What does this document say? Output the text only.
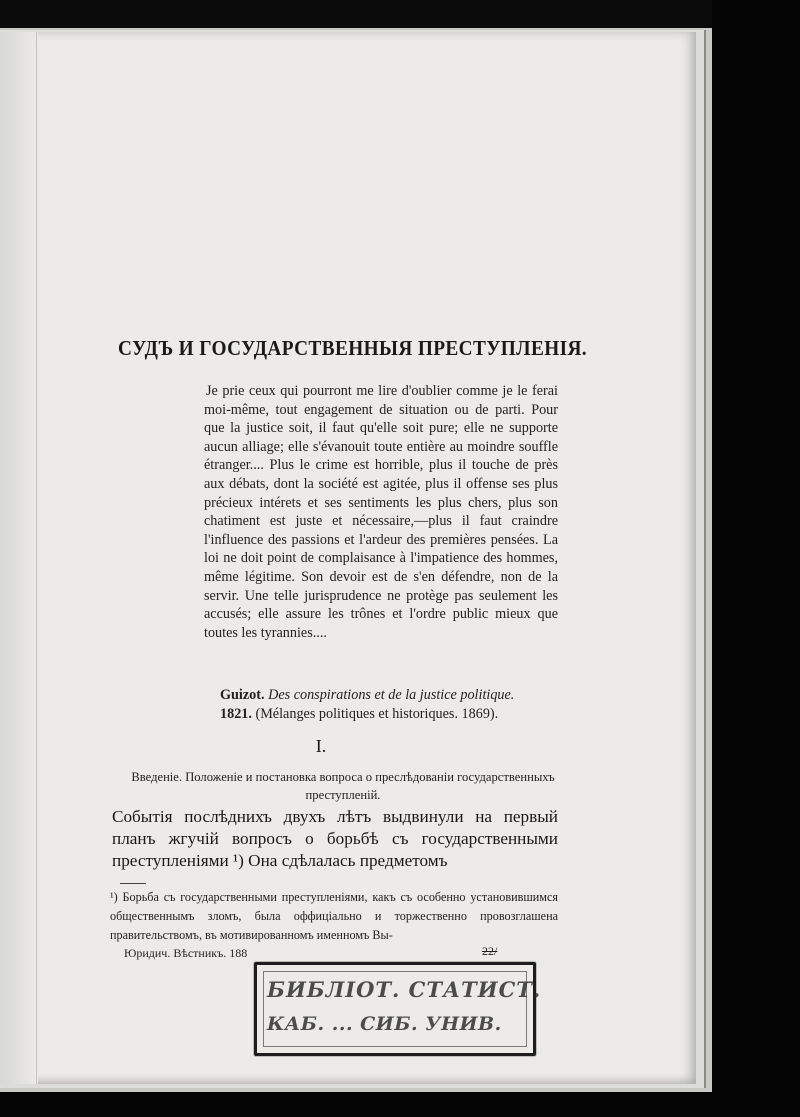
СУДЪ И ГОСУДАРСТВЕННЫЯ ПРЕСТУПЛЕНІЯ.

Je prie ceux qui pourront me lire d'oublier comme je le ferai moi-même, tout engagement de situation ou de parti. Pour que la justice soit, il faut qu'elle soit pure; elle ne supporte aucun alliage; elle s'évanouit toute entière au moindre souffle étranger.... Plus le crime est horrible, plus il touche de près aux débats, dont la société est agitée, plus il offense ses plus précieux intérets et ses sentiments les plus chers, plus son chatiment est juste et nécessaire,—plus il faut craindre l'influence des passions et l'ardeur des premières pensées. La loi ne doit point de complaisance à l'impatience des hommes, même légitime. Son devoir est de s'en défendre, non de la servir. Une telle jurisprudence ne protège pas seulement les accusés; elle assure les trônes et l'ordre public mieux que toutes les tyrannies....

Guizot. Des conspirations et de la justice politique.
1821. (Mélanges politiques et historiques. 1869).
I.
Введеніе. Положеніе и постановка вопроса о преслѣдованіи государственныхъ преступленій.
Событія послѣднихъ двухъ лѣтъ выдвинули на первый планъ жгучій вопросъ о борьбѣ съ государственными преступленіями ¹) Она сдѣлалась предметомъ
¹) Борьба съ государственными преступленіями, какъ съ особенно установившимся общественнымъ зломъ, была оффиціально и торжественно провозглашена правительствомъ, въ мотивированномъ именномъ Вы-
Юридич. Вѣстникъ. 188	22/
БИБЛІОТ. СТАТИСТ.
КАБ. ... СИБ. УНИВ.
